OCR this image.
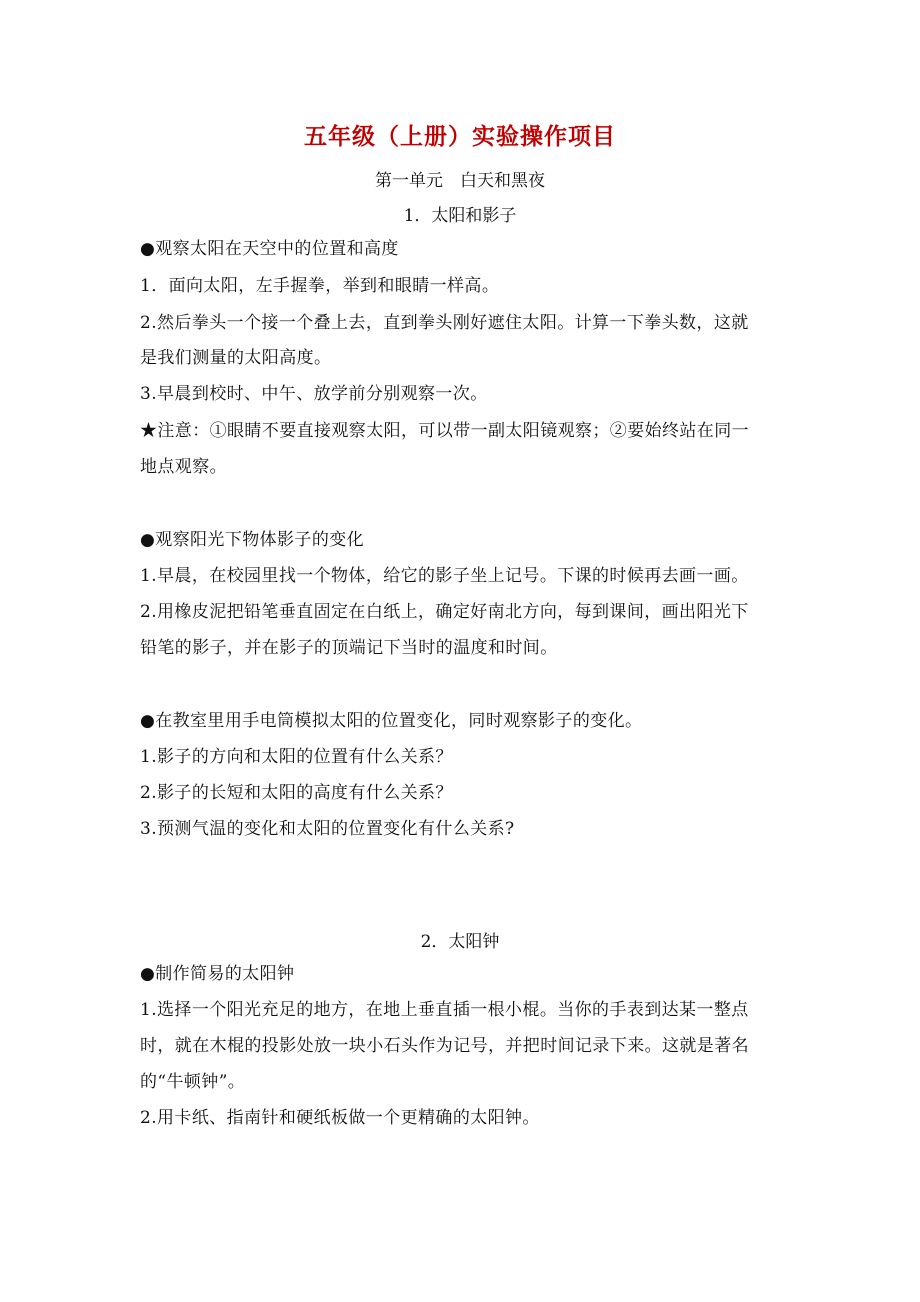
五年级（上册）实验操作项目
第一单元　白天和黑夜
1．太阳和影子
●观察太阳在天空中的位置和高度
1．面向太阳，左手握拳，举到和眼睛一样高。
2.然后拳头一个接一个叠上去，直到拳头刚好遮住太阳。计算一下拳头数，这就
是我们测量的太阳高度。
3.早晨到校时、中午、放学前分别观察一次。
★注意：①眼睛不要直接观察太阳，可以带一副太阳镜观察；②要始终站在同一
地点观察。
●观察阳光下物体影子的变化
1.早晨，在校园里找一个物体，给它的影子坐上记号。下课的时候再去画一画。
2.用橡皮泥把铅笔垂直固定在白纸上，确定好南北方向，每到课间，画出阳光下
铅笔的影子，并在影子的顶端记下当时的温度和时间。
●在教室里用手电筒模拟太阳的位置变化，同时观察影子的变化。
1.影子的方向和太阳的位置有什么关系？
2.影子的长短和太阳的高度有什么关系？
3.预测气温的变化和太阳的位置变化有什么关系?
2．太阳钟
●制作简易的太阳钟
1.选择一个阳光充足的地方，在地上垂直插一根小棍。当你的手表到达某一整点
时，就在木棍的投影处放一块小石头作为记号，并把时间记录下来。这就是著名
的“牛顿钟”。
2.用卡纸、指南针和硬纸板做一个更精确的太阳钟。
